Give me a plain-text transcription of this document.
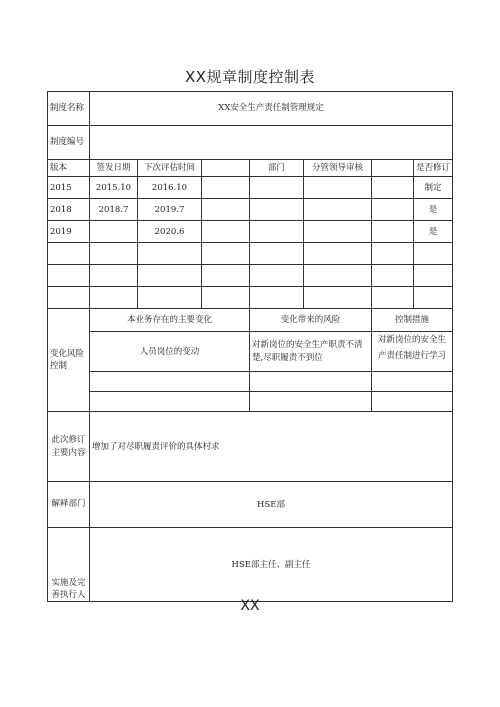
XX规章制度控制表
制度名称	XX安全生产责任制管理规定						
制度编号							
版本	签发日期	下次评估时间		部门	分管领导审核		是否修订
2015	2015.10	2016.10					制定
2018	2018.7	2019.7					是
2019		2020.6					是

变化风险控制	本业务存在的主要变化			变化带来的风险		控制措施	
	人员岗位的变动			对新岗位的安全生产职责不清楚,尽职履责不到位		对新岗位的安全生产责任制进行学习	

此次修订主要内容	增加了对尽职履责评价的具体村求						
解释部门	HSE部						
实施及完善执行人	HSE部主任、副主任						
XX
